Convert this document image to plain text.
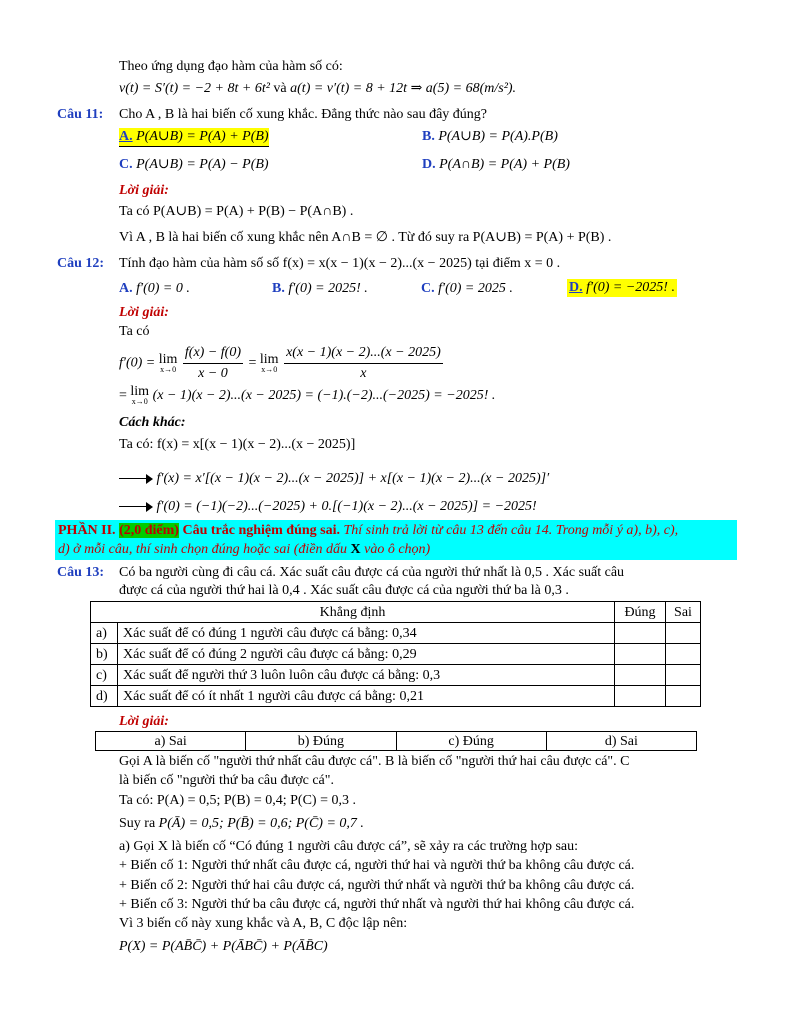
Theo ứng dụng đạo hàm của hàm số có:
v(t) = S′(t) = −2 + 8t + 6t² và a(t) = v′(t) = 8 + 12t ⇒ a(5) = 68(m/s²).
Câu 11: Cho A , B là hai biến cố xung khắc. Đẳng thức nào sau đây đúng?
A. P(A∪B) = P(A) + P(B)	B. P(A∪B) = P(A).P(B)
C. P(A∪B) = P(A) − P(B)	D. P(A∩B) = P(A) + P(B)
Lời giải:
Ta có P(A∪B) = P(A) + P(B) − P(A∩B) .
Vì A , B là hai biến cố xung khắc nên A∩B = ∅ . Từ đó suy ra P(A∪B) = P(A) + P(B) .
Câu 12: Tính đạo hàm của hàm số số f(x) = x(x − 1)(x − 2)...(x − 2025) tại điểm x = 0 .
A. f′(0) = 0 .	B. f′(0) = 2025! .	C. f′(0) = 2025 .	D. f′(0) = −2025! .
Lời giải:
Ta có
f′(0) = lim
x→0
$\frac{f(x) - f(0)}{x - 0} = \lim$
x→0
$\frac{x(x - 1)(x - 2)...(x - 2025)}{x}$
= lim
x→0 (x − 1)(x − 2)...(x − 2025) = (−1).(−2)...(−2025) = −2025! .
Cách khác:
Ta có: f(x) = x[(x − 1)(x − 2)...(x − 2025)]
f′(x) = x′[(x − 1)(x − 2)...(x − 2025)] + x[(x − 1)(x − 2)...(x − 2025)]′
f′(0) = (−1)(−2)...(−2025) + 0.[(−1)(x − 2)...(x − 2025)] = −2025!
PHẦN II. (2,0 điểm) Câu trắc nghiệm đúng sai. Thí sinh trả lời từ câu 13 đến câu 14. Trong mỗi ý a), b), c),
d) ở mỗi câu, thí sinh chọn đúng hoặc sai (điền dấu X vào ô chọn)
Câu 13: Có ba người cùng đi câu cá. Xác suất câu được cá của người thứ nhất là 0,5 . Xác suất câu
được cá của người thứ hai là 0,4 . Xác suất câu được cá của người thứ ba là 0,3 .
Khẳng định		Đúng	Sai
a)	Xác suất để có đúng 1 người câu được cá bằng: 0,34		
b)	Xác suất để có đúng 2 người câu được cá bằng: 0,29		
c)	Xác suất để người thứ 3 luôn luôn câu được cá bằng: 0,3		
d)	Xác suất để có ít nhất 1 người câu được cá bằng: 0,21		
Lời giải:
a) Sai	b) Đúng	c) Đúng	d) Sai
Gọi A là biến cố "người thứ nhất câu được cá". B là biến cố "người thứ hai câu được cá". C
là biến cố "người thứ ba câu được cá".
Ta có: P(A) = 0,5; P(B) = 0,4; P(C) = 0,3 .
Suy ra P(Ā) = 0,5; P(B̄) = 0,6; P(C̄) = 0,7 .
a) Gọi X là biến cố “Có đúng 1 người câu được cá”, sẽ xảy ra các trường hợp sau:
+ Biến cố 1: Người thứ nhất câu được cá, người thứ hai và người thứ ba không câu được cá.
+ Biến cố 2: Người thứ hai câu được cá, người thứ nhất và người thứ ba không câu được cá.
+ Biến cố 3: Người thứ ba câu được cá, người thứ nhất và người thứ hai không câu được cá.
Vì 3 biến cố này xung khắc và A, B, C độc lập nên:
P(X) = P(AB̄C̄) + P(ĀBC̄) + P(ĀB̄C)
